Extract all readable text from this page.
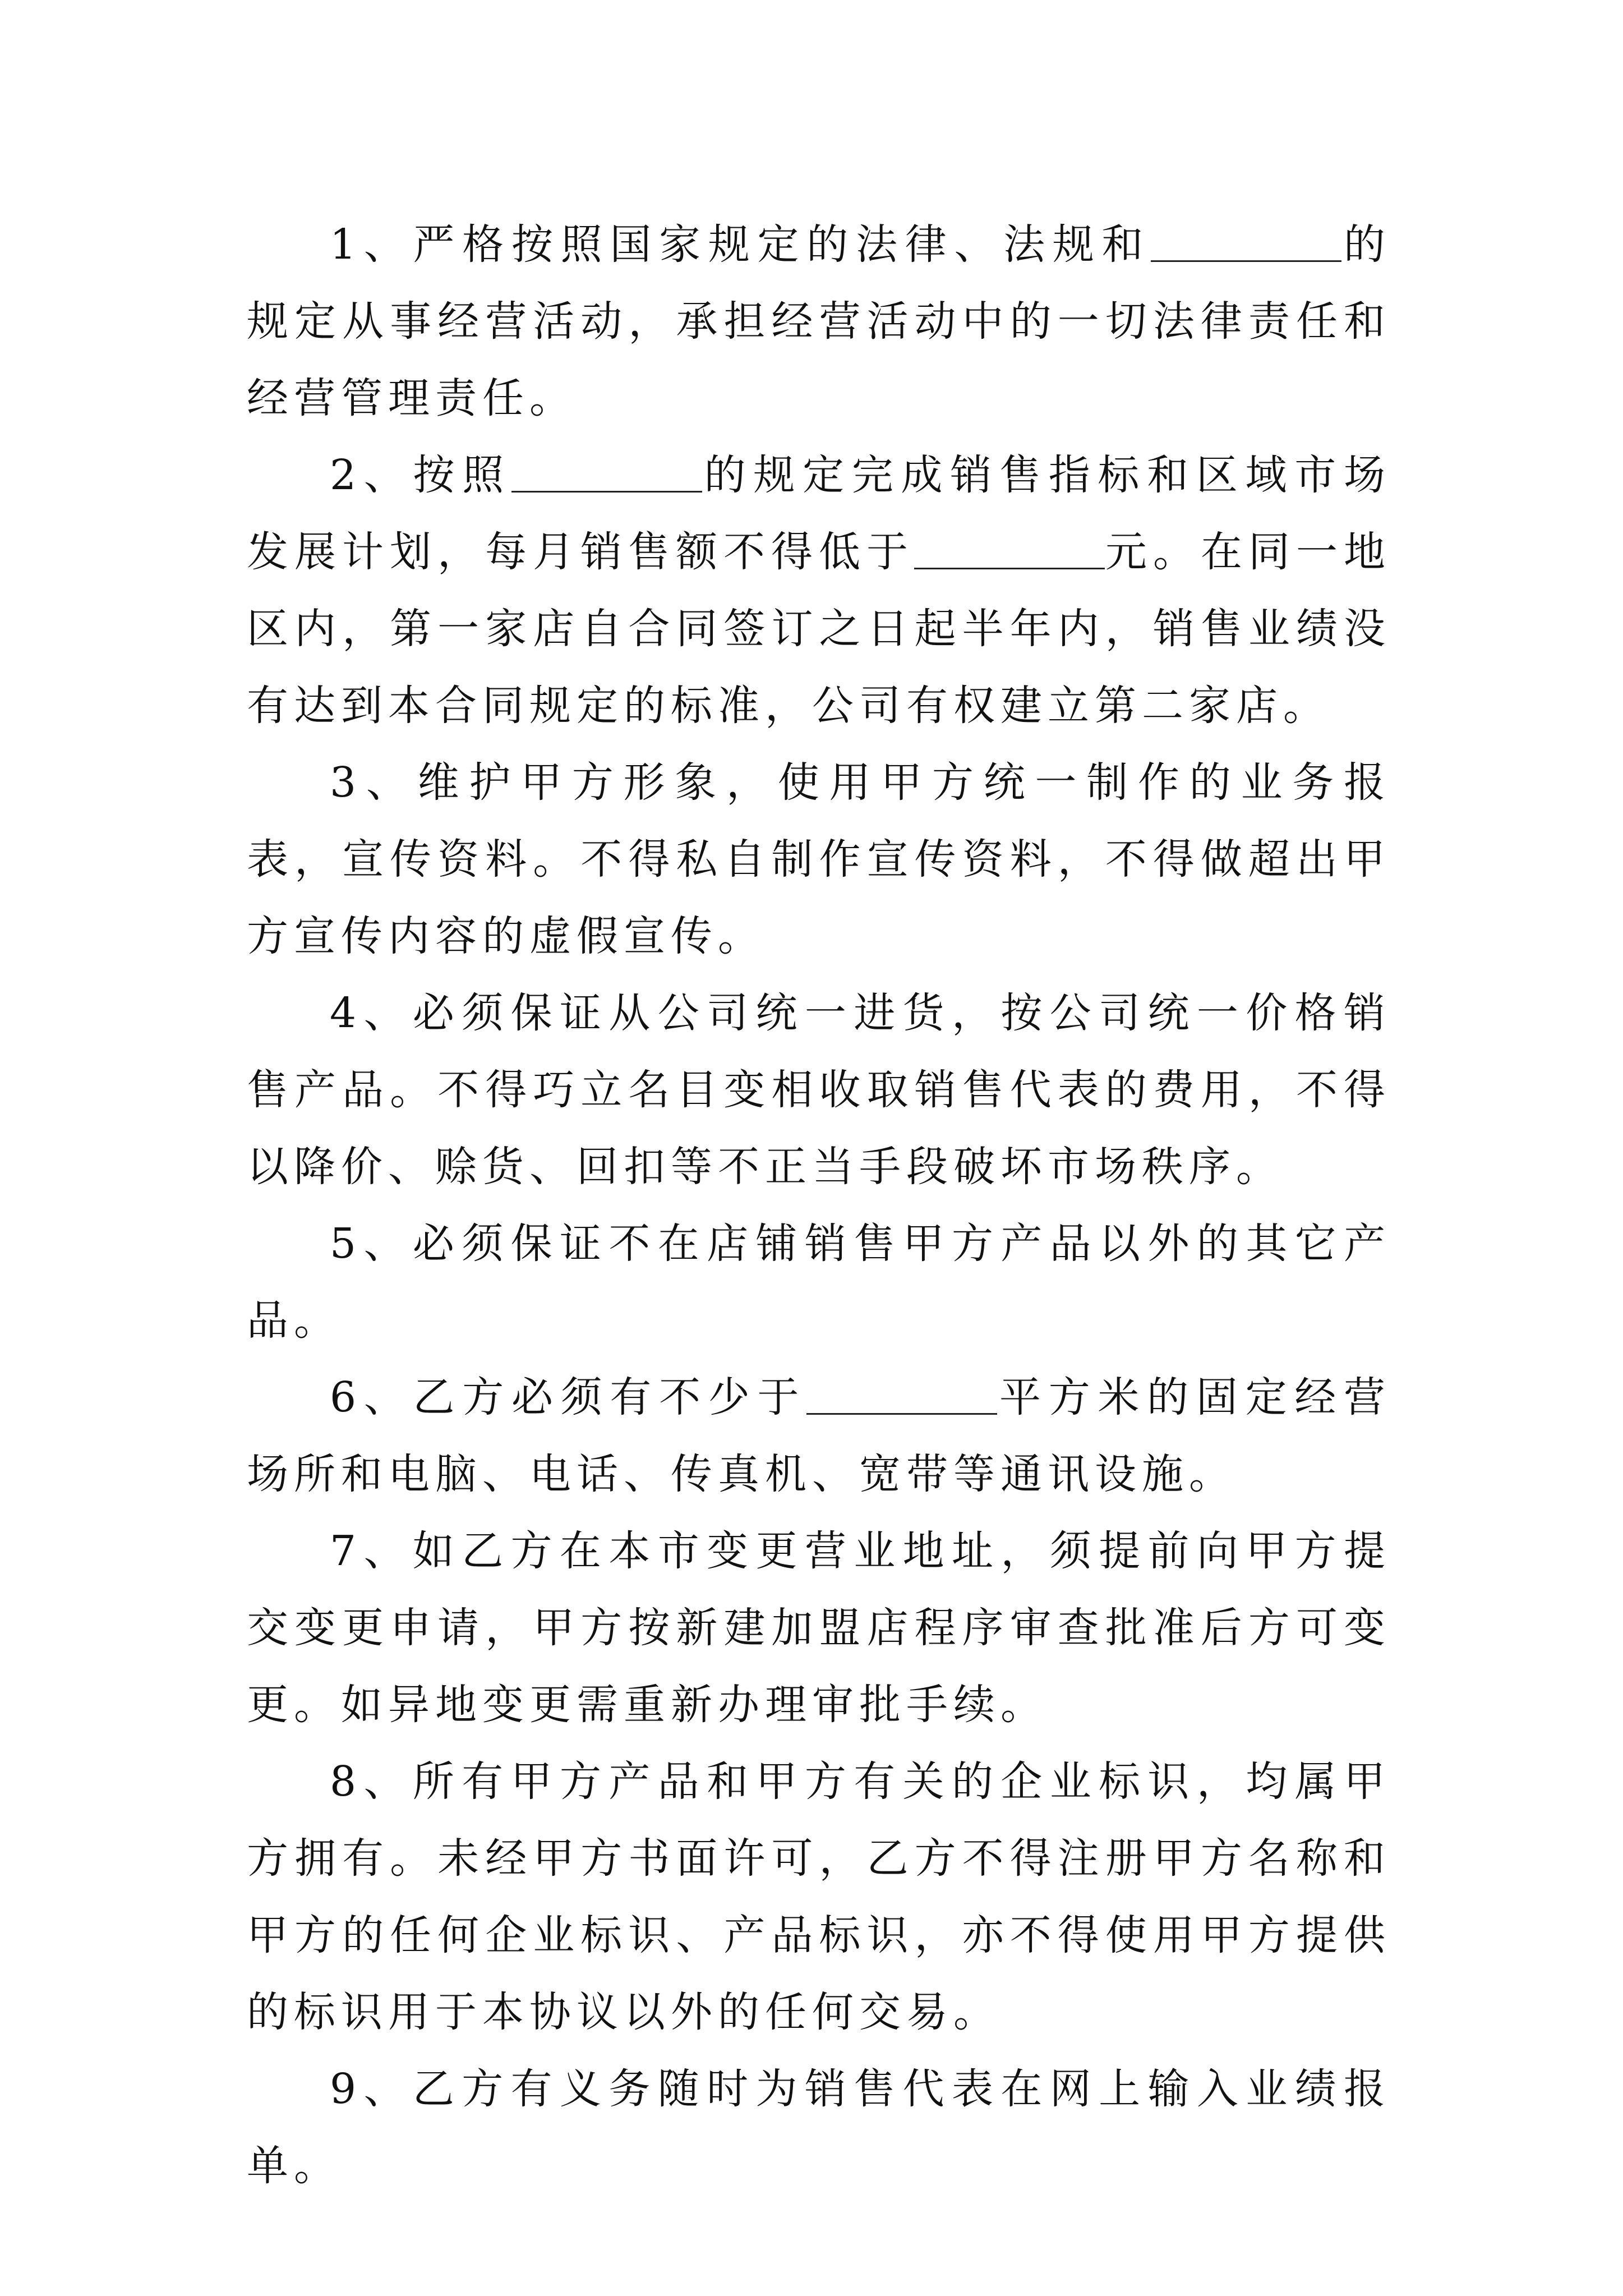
1、严格按照国家规定的法律、法规和	的规定从事经营活动，承担经营活动中的一切法律责任和经营管理责任。

2、按照	的规定完成销售指标和区域市场发展计划，每月销售额不得低于	元。在同一地区内，第一家店自合同签订之日起半年内，销售业绩没有达到本合同规定的标准，公司有权建立第二家店。

3、维护甲方形象，使用甲方统一制作的业务报表，宣传资料。不得私自制作宣传资料，不得做超出甲方宣传内容的虚假宣传。

4、必须保证从公司统一进货，按公司统一价格销售产品。不得巧立名目变相收取销售代表的费用，不得以降价、赊货、回扣等不正当手段破坏市场秩序。

5、必须保证不在店铺销售甲方产品以外的其它产品。

6、乙方必须有不少于	平方米的固定经营场所和电脑、电话、传真机、宽带等通讯设施。

7、如乙方在本市变更营业地址，须提前向甲方提交变更申请，甲方按新建加盟店程序审查批准后方可变更。如异地变更需重新办理审批手续。

8、所有甲方产品和甲方有关的企业标识，均属甲方拥有。未经甲方书面许可，乙方不得注册甲方名称和甲方的任何企业标识、产品标识，亦不得使用甲方提供的标识用于本协议以外的任何交易。

9、乙方有义务随时为销售代表在网上输入业绩报单。
